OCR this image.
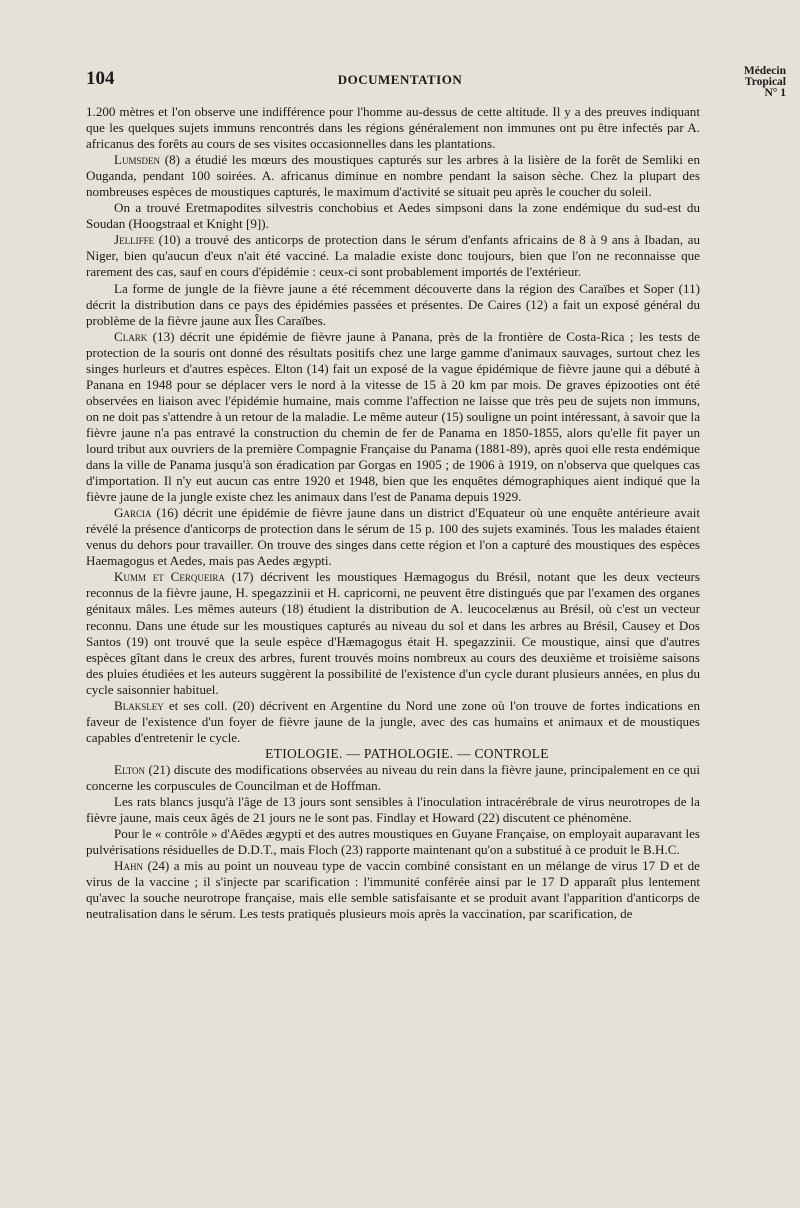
104	DOCUMENTATION
Médecin
Tropical
N° 1

1.200 mètres et l'on observe une indifférence pour l'homme au-dessus de cette altitude. Il y a des preuves indiquant que les quelques sujets immuns rencontrés dans les régions généralement non immunes ont pu être infectés par A. africanus des forêts au cours de ses visites occasionnelles dans les plantations.

Lumsden (8) a étudié les mœurs des moustiques capturés sur les arbres à la lisière de la forêt de Semliki en Ouganda, pendant 100 soirées. A. africanus diminue en nombre pendant la saison sèche. Chez la plupart des nombreuses espèces de moustiques capturés, le maximum d'activité se situait peu après le coucher du soleil.

On a trouvé Eretmapodites silvestris conchobius et Aedes simpsoni dans la zone endémique du sud-est du Soudan (Hoogstraal et Knight [9]).

Jelliffe (10) a trouvé des anticorps de protection dans le sérum d'enfants africains de 8 à 9 ans à Ibadan, au Niger, bien qu'aucun d'eux n'ait été vacciné. La maladie existe donc toujours, bien que l'on ne reconnaisse que rarement des cas, sauf en cours d'épidémie : ceux-ci sont probablement importés de l'extérieur.

La forme de jungle de la fièvre jaune a été récemment découverte dans la région des Caraïbes et Soper (11) décrit la distribution dans ce pays des épidémies passées et présentes. De Caires (12) a fait un exposé général du problème de la fièvre jaune aux Îles Caraïbes.

Clark (13) décrit une épidémie de fièvre jaune à Panana, près de la frontière de Costa-Rica ; les tests de protection de la souris ont donné des résultats positifs chez une large gamme d'animaux sauvages, surtout chez les singes hurleurs et d'autres espèces. Elton (14) fait un exposé de la vague épidémique de fièvre jaune qui a débuté à Panana en 1948 pour se déplacer vers le nord à la vitesse de 15 à 20 km par mois. De graves épizooties ont été observées en liaison avec l'épidémie humaine, mais comme l'affection ne laisse que très peu de sujets non immuns, on ne doit pas s'attendre à un retour de la maladie. Le même auteur (15) souligne un point intéressant, à savoir que la fièvre jaune n'a pas entravé la construction du chemin de fer de Panama en 1850-1855, alors qu'elle fit payer un lourd tribut aux ouvriers de la première Compagnie Française du Panama (1881-89), après quoi elle resta endémique dans la ville de Panama jusqu'à son éradication par Gorgas en 1905 ; de 1906 à 1919, on n'observa que quelques cas d'importation. Il n'y eut aucun cas entre 1920 et 1948, bien que les enquêtes démographiques aient indiqué que la fièvre jaune de la jungle existe chez les animaux dans l'est de Panama depuis 1929.

Garcia (16) décrit une épidémie de fièvre jaune dans un district d'Equateur où une enquête antérieure avait révélé la présence d'anticorps de protection dans le sérum de 15 p. 100 des sujets examinés. Tous les malades étaient venus du dehors pour travailler. On trouve des singes dans cette région et l'on a capturé des moustiques des espèces Haemagogus et Aedes, mais pas Aedes ægypti.

Kumm et Cerqueira (17) décrivent les moustiques Hæmagogus du Brésil, notant que les deux vecteurs reconnus de la fièvre jaune, H. spegazzinii et H. capricorni, ne peuvent être distingués que par l'examen des organes génitaux mâles. Les mêmes auteurs (18) étudient la distribution de A. leucocelænus au Brésil, où c'est un vecteur reconnu. Dans une étude sur les moustiques capturés au niveau du sol et dans les arbres au Brésil, Causey et Dos Santos (19) ont trouvé que la seule espèce d'Hæmagogus était H. spegazzinii. Ce moustique, ainsi que d'autres espèces gîtant dans le creux des arbres, furent trouvés moins nombreux au cours des deuxième et troisième saisons des pluies étudiées et les auteurs suggèrent la possibilité de l'existence d'un cycle durant plusieurs années, en plus du cycle saisonnier habituel.

Blaksley et ses coll. (20) décrivent en Argentine du Nord une zone où l'on trouve de fortes indications en faveur de l'existence d'un foyer de fièvre jaune de la jungle, avec des cas humains et animaux et de moustiques capables d'entretenir le cycle.

ETIOLOGIE. — PATHOLOGIE. — CONTROLE

Elton (21) discute des modifications observées au niveau du rein dans la fièvre jaune, principalement en ce qui concerne les corpuscules de Councilman et de Hoffman.

Les rats blancs jusqu'à l'âge de 13 jours sont sensibles à l'inoculation intracérébrale de virus neurotropes de la fièvre jaune, mais ceux âgés de 21 jours ne le sont pas. Findlay et Howard (22) discutent ce phénomène.

Pour le « contrôle » d'Aëdes ægypti et des autres moustiques en Guyane Française, on employait auparavant les pulvérisations résiduelles de D.D.T., mais Floch (23) rapporte maintenant qu'on a substitué à ce produit le B.H.C.

Hahn (24) a mis au point un nouveau type de vaccin combiné consistant en un mélange de virus 17 D et de virus de la vaccine ; il s'injecte par scarification : l'immunité conférée ainsi par le 17 D apparaît plus lentement qu'avec la souche neurotrope française, mais elle semble satisfaisante et se produit avant l'apparition d'anticorps de neutralisation dans le sérum. Les tests pratiqués plusieurs mois après la vaccination, par scarification, de
